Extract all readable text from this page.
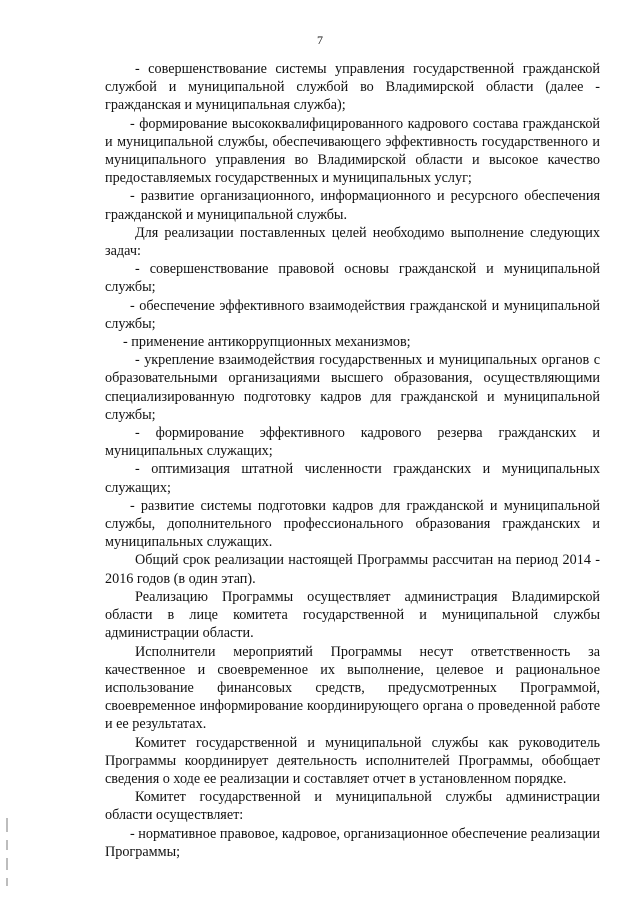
7

- совершенствование системы управления государственной гражданской службой и муниципальной службой во Владимирской области (далее - гражданская и муниципальная служба);

- формирование высококвалифицированного кадрового состава гражданской и муниципальной службы, обеспечивающего эффективность государственного и муниципального управления во Владимирской области и высокое качество предоставляемых государственных и муниципальных услуг;

- развитие организационного, информационного и ресурсного обеспечения гражданской и муниципальной службы.

Для реализации поставленных целей необходимо выполнение следующих задач:

- совершенствование правовой основы гражданской и муниципальной службы;

- обеспечение эффективного взаимодействия гражданской и муниципальной службы;

- применение антикоррупционных механизмов;

- укрепление взаимодействия государственных и муниципальных органов с образовательными организациями высшего образования, осуществляющими специализированную подготовку кадров для гражданской и муниципальной службы;

- формирование эффективного кадрового резерва гражданских и муниципальных служащих;

- оптимизация штатной численности гражданских и муниципальных служащих;

- развитие системы подготовки кадров для гражданской и муниципальной службы, дополнительного профессионального образования гражданских и муниципальных служащих.

Общий срок реализации настоящей Программы рассчитан на период 2014 - 2016 годов (в один этап).

Реализацию Программы осуществляет администрация Владимирской области в лице комитета государственной и муниципальной службы администрации области.

Исполнители мероприятий Программы несут ответственность за качественное и своевременное их выполнение, целевое и рациональное использование финансовых средств, предусмотренных Программой, своевременное информирование координирующего органа о проведенной работе и ее результатах.

Комитет государственной и муниципальной службы как руководитель Программы координирует деятельность исполнителей Программы, обобщает сведения о ходе ее реализации и составляет отчет в установленном порядке.

Комитет государственной и муниципальной службы администрации области осуществляет:

- нормативное правовое, кадровое, организационное обеспечение реализации Программы;
